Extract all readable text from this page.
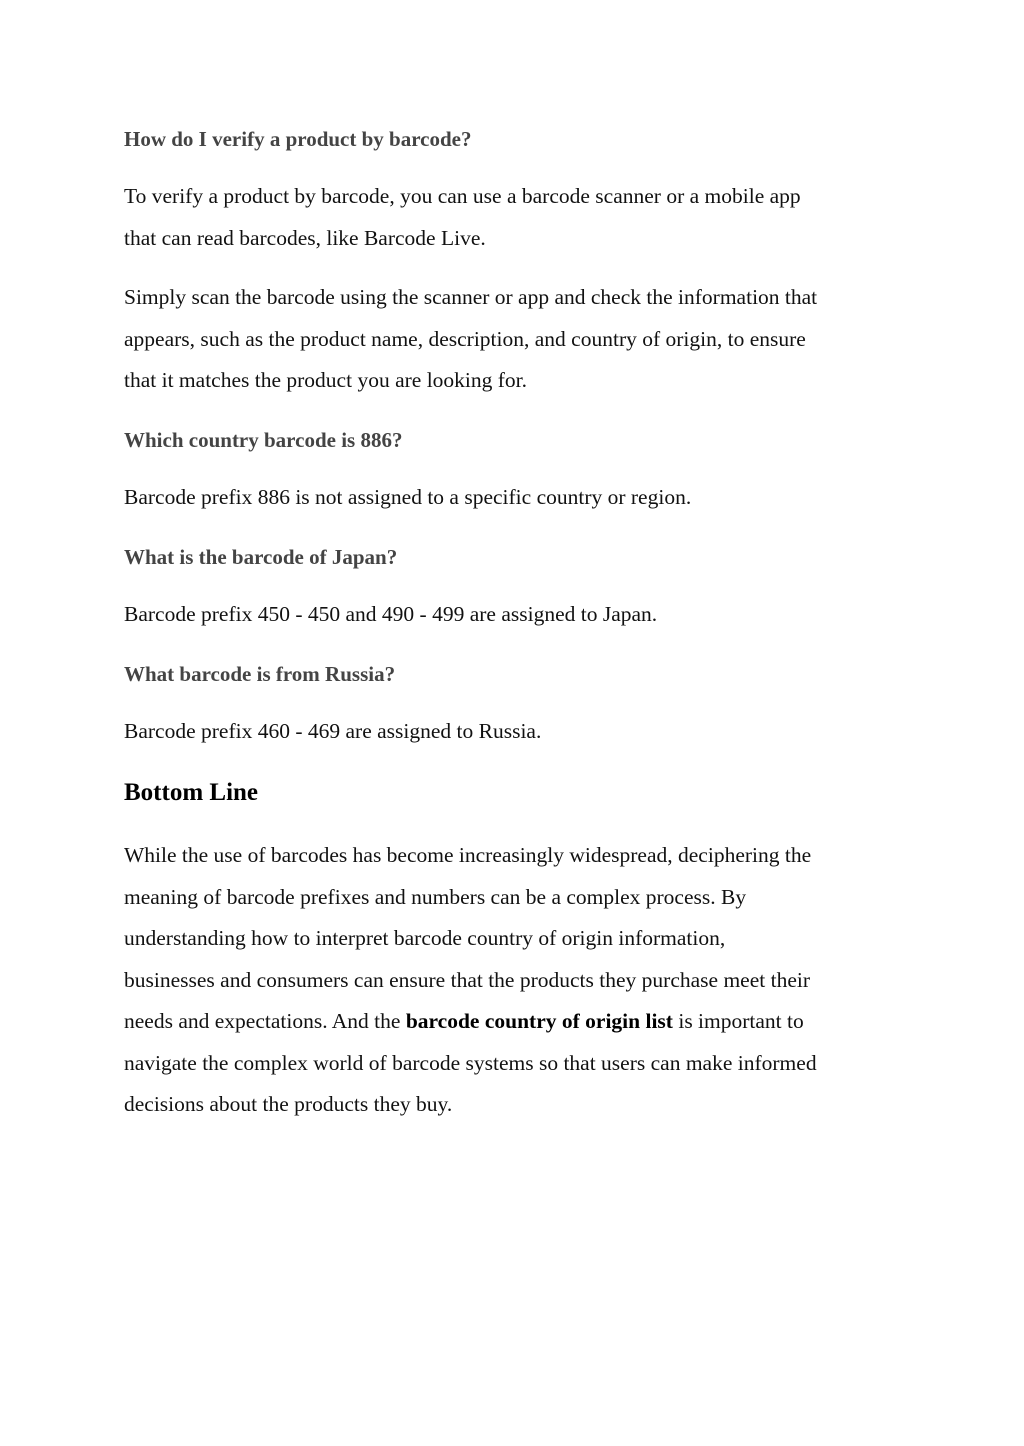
How do I verify a product by barcode?

To verify a product by barcode, you can use a barcode scanner or a mobile app
that can read barcodes, like Barcode Live.

Simply scan the barcode using the scanner or app and check the information that
appears, such as the product name, description, and country of origin, to ensure
that it matches the product you are looking for.

Which country barcode is 886?

Barcode prefix 886 is not assigned to a specific country or region.

What is the barcode of Japan?

Barcode prefix 450 - 450 and 490 - 499 are assigned to Japan.

What barcode is from Russia?

Barcode prefix 460 - 469 are assigned to Russia.

Bottom Line

While the use of barcodes has become increasingly widespread, deciphering the
meaning of barcode prefixes and numbers can be a complex process. By
understanding how to interpret barcode country of origin information,
businesses and consumers can ensure that the products they purchase meet their
needs and expectations. And the barcode country of origin list is important to
navigate the complex world of barcode systems so that users can make informed
decisions about the products they buy.
